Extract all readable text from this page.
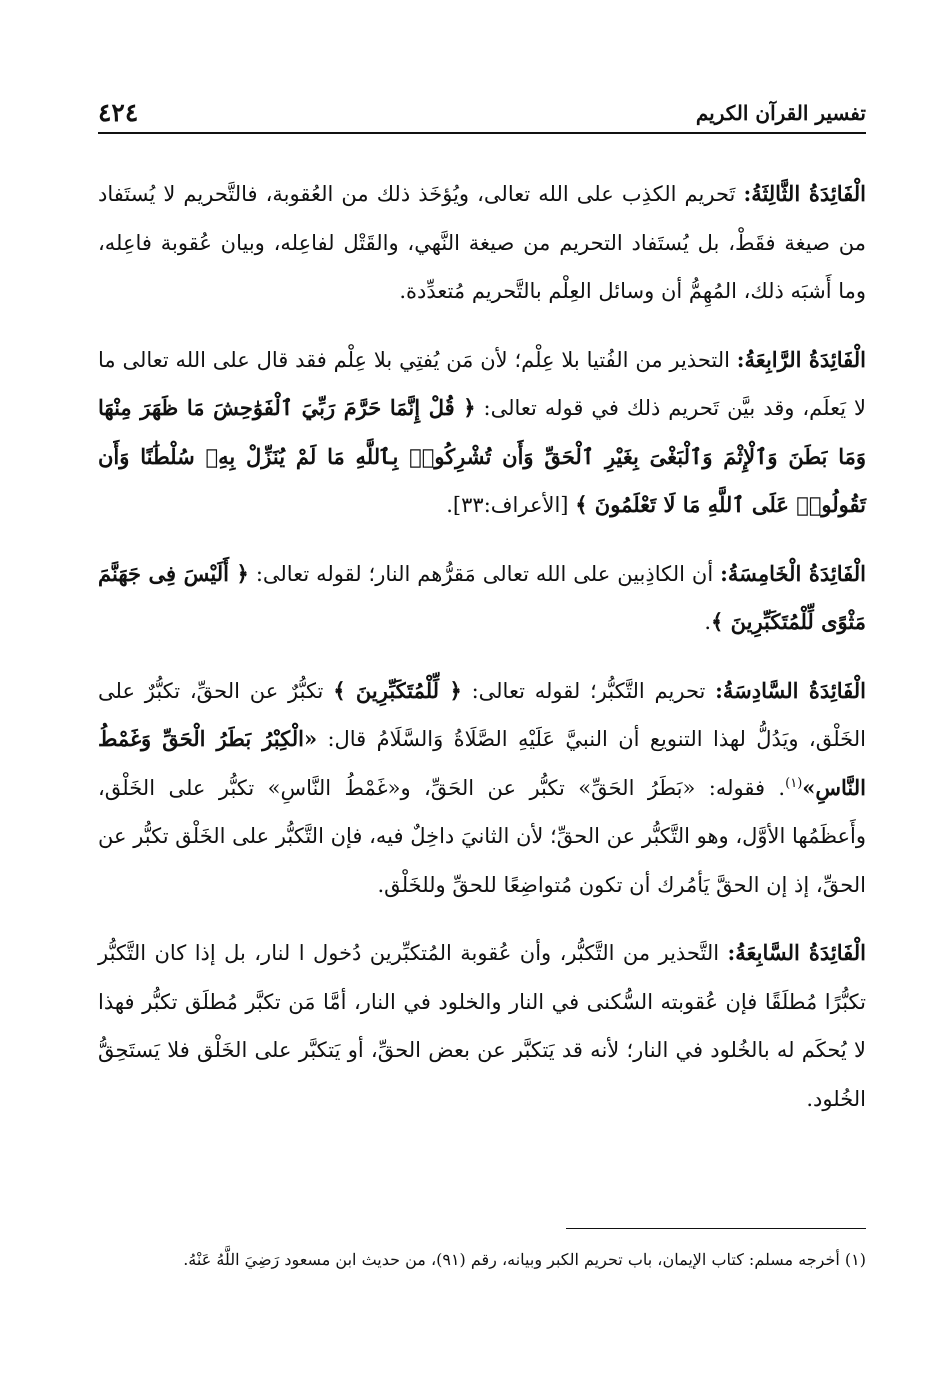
تفسير القرآن الكريم
٤٢٤

الْفَائِدَةُ الثَّالِثَةُ: تَحريم الكذِب على الله تعالى، ويُؤخَذ ذلك من العُقوبة، فالتَّحريم لا يُستَفاد من صيغة فقَطْ، بل يُستَفاد التحريم من صيغة النَّهي، والقَتْل لفاعِله، وبيان عُقوبة فاعِله، وما أَشبَه ذلك، المُهِمُّ أن وسائل العِلْم بالتَّحريم مُتعدِّدة.

الْفَائِدَةُ الرَّابِعَةُ: التحذير من الفُتيا بلا عِلْم؛ لأن مَن يُفتِي بلا عِلْم فقد قال على الله تعالى ما لا يَعلَم، وقد بيَّن تَحريم ذلك في قوله تعالى: ﴿ قُلْ إِنَّمَا حَرَّمَ رَبِّيَ ٱلْفَوَٰحِشَ مَا ظَهَرَ مِنْهَا وَمَا بَطَنَ وَٱلْإِثْمَ وَٱلْبَغْىَ بِغَيْرِ ٱلْحَقِّ وَأَن تُشْرِكُوا۟ بِٱللَّهِ مَا لَمْ يُنَزِّلْ بِهِۦ سُلْطَٰنًا وَأَن تَقُولُوا۟ عَلَى ٱللَّهِ مَا لَا تَعْلَمُونَ ﴾ [الأعراف:٣٣].

الْفَائِدَةُ الْخَامِسَةُ: أن الكاذِبين على الله تعالى مَقرُّهم النار؛ لقوله تعالى: ﴿ أَلَيْسَ فِى جَهَنَّمَ مَثْوًى لِّلْمُتَكَبِّرِينَ ﴾.

الْفَائِدَةُ السَّادِسَةُ: تحريم التَّكبُّر؛ لقوله تعالى: ﴿ لِّلْمُتَكَبِّرِينَ ﴾ تكبُّرٌ عن الحقِّ، تكبُّرٌ على الخَلْق، ويَدُلُّ لهذا التنويع أن النبيَّ عَلَيْهِ الصَّلَاةُ وَالسَّلَامُ قال: «الْكِبْرُ بَطَرُ الْحَقِّ وَغَمْطُ النَّاسِ»$^{(١)}$. فقوله: «بَطَرُ الحَقِّ» تكبُّر عن الحَقِّ، و«غَمْطُ النَّاسِ» تكبُّر على الخَلْق، وأَعظَمُها الأوَّل، وهو التَّكبُّر عن الحقِّ؛ لأن الثانيَ داخِلٌ فيه، فإن التَّكبُّر على الخَلْق تكبُّر عن الحقِّ، إذ إن الحقَّ يَأمُرك أن تكون مُتواضِعًا للحقِّ وللخَلْق.

الْفَائِدَةُ السَّابِعَةُ: التَّحذير من التَّكبُّر، وأن عُقوبة المُتكبِّرين دُخول ا لنار، بل إذا كان التَّكبُّر تكبُّرًا مُطلَقًا فإن عُقوبته السُّكنى في النار والخلود في النار، أمَّا مَن تكبَّر مُطلَق تكبُّر فهذا لا يُحكَم له بالخُلود في النار؛ لأنه قد يَتكبَّر عن بعض الحقِّ، أو يَتكبَّر على الخَلْق فلا يَستَحِقُّ الخُلود.

(١) أخرجه مسلم: كتاب الإيمان، باب تحريم الكبر وبيانه، رقم (٩١)، من حديث ابن مسعود رَضِيَ اللَّهُ عَنْهُ.
